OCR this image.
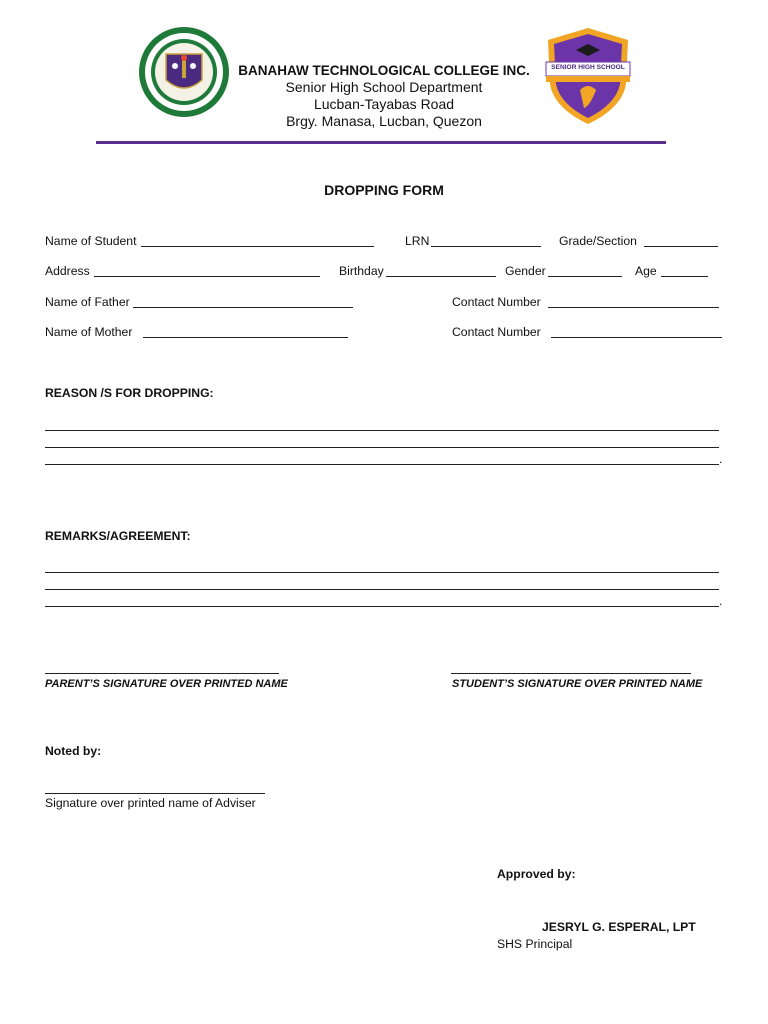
SENIOR HIGH SCHOOL
BANAHAW TECHNOLOGICAL COLLEGE INC.
Senior High School Department
Lucban-Tayabas Road
Brgy. Manasa, Lucban, Quezon
DROPPING FORM
Name of Student	LRN	Grade/Section
Address	Birthday	Gender	Age
Name of Father	Contact Number
Name of Mother	Contact Number
REASON /S FOR DROPPING:
.
REMARKS/AGREEMENT:
.
PARENT’S SIGNATURE OVER PRINTED NAME	STUDENT’S SIGNATURE OVER PRINTED NAME
Noted by:
Signature over printed name of Adviser
Approved by:
JESRYL G. ESPERAL, LPT
SHS Principal
